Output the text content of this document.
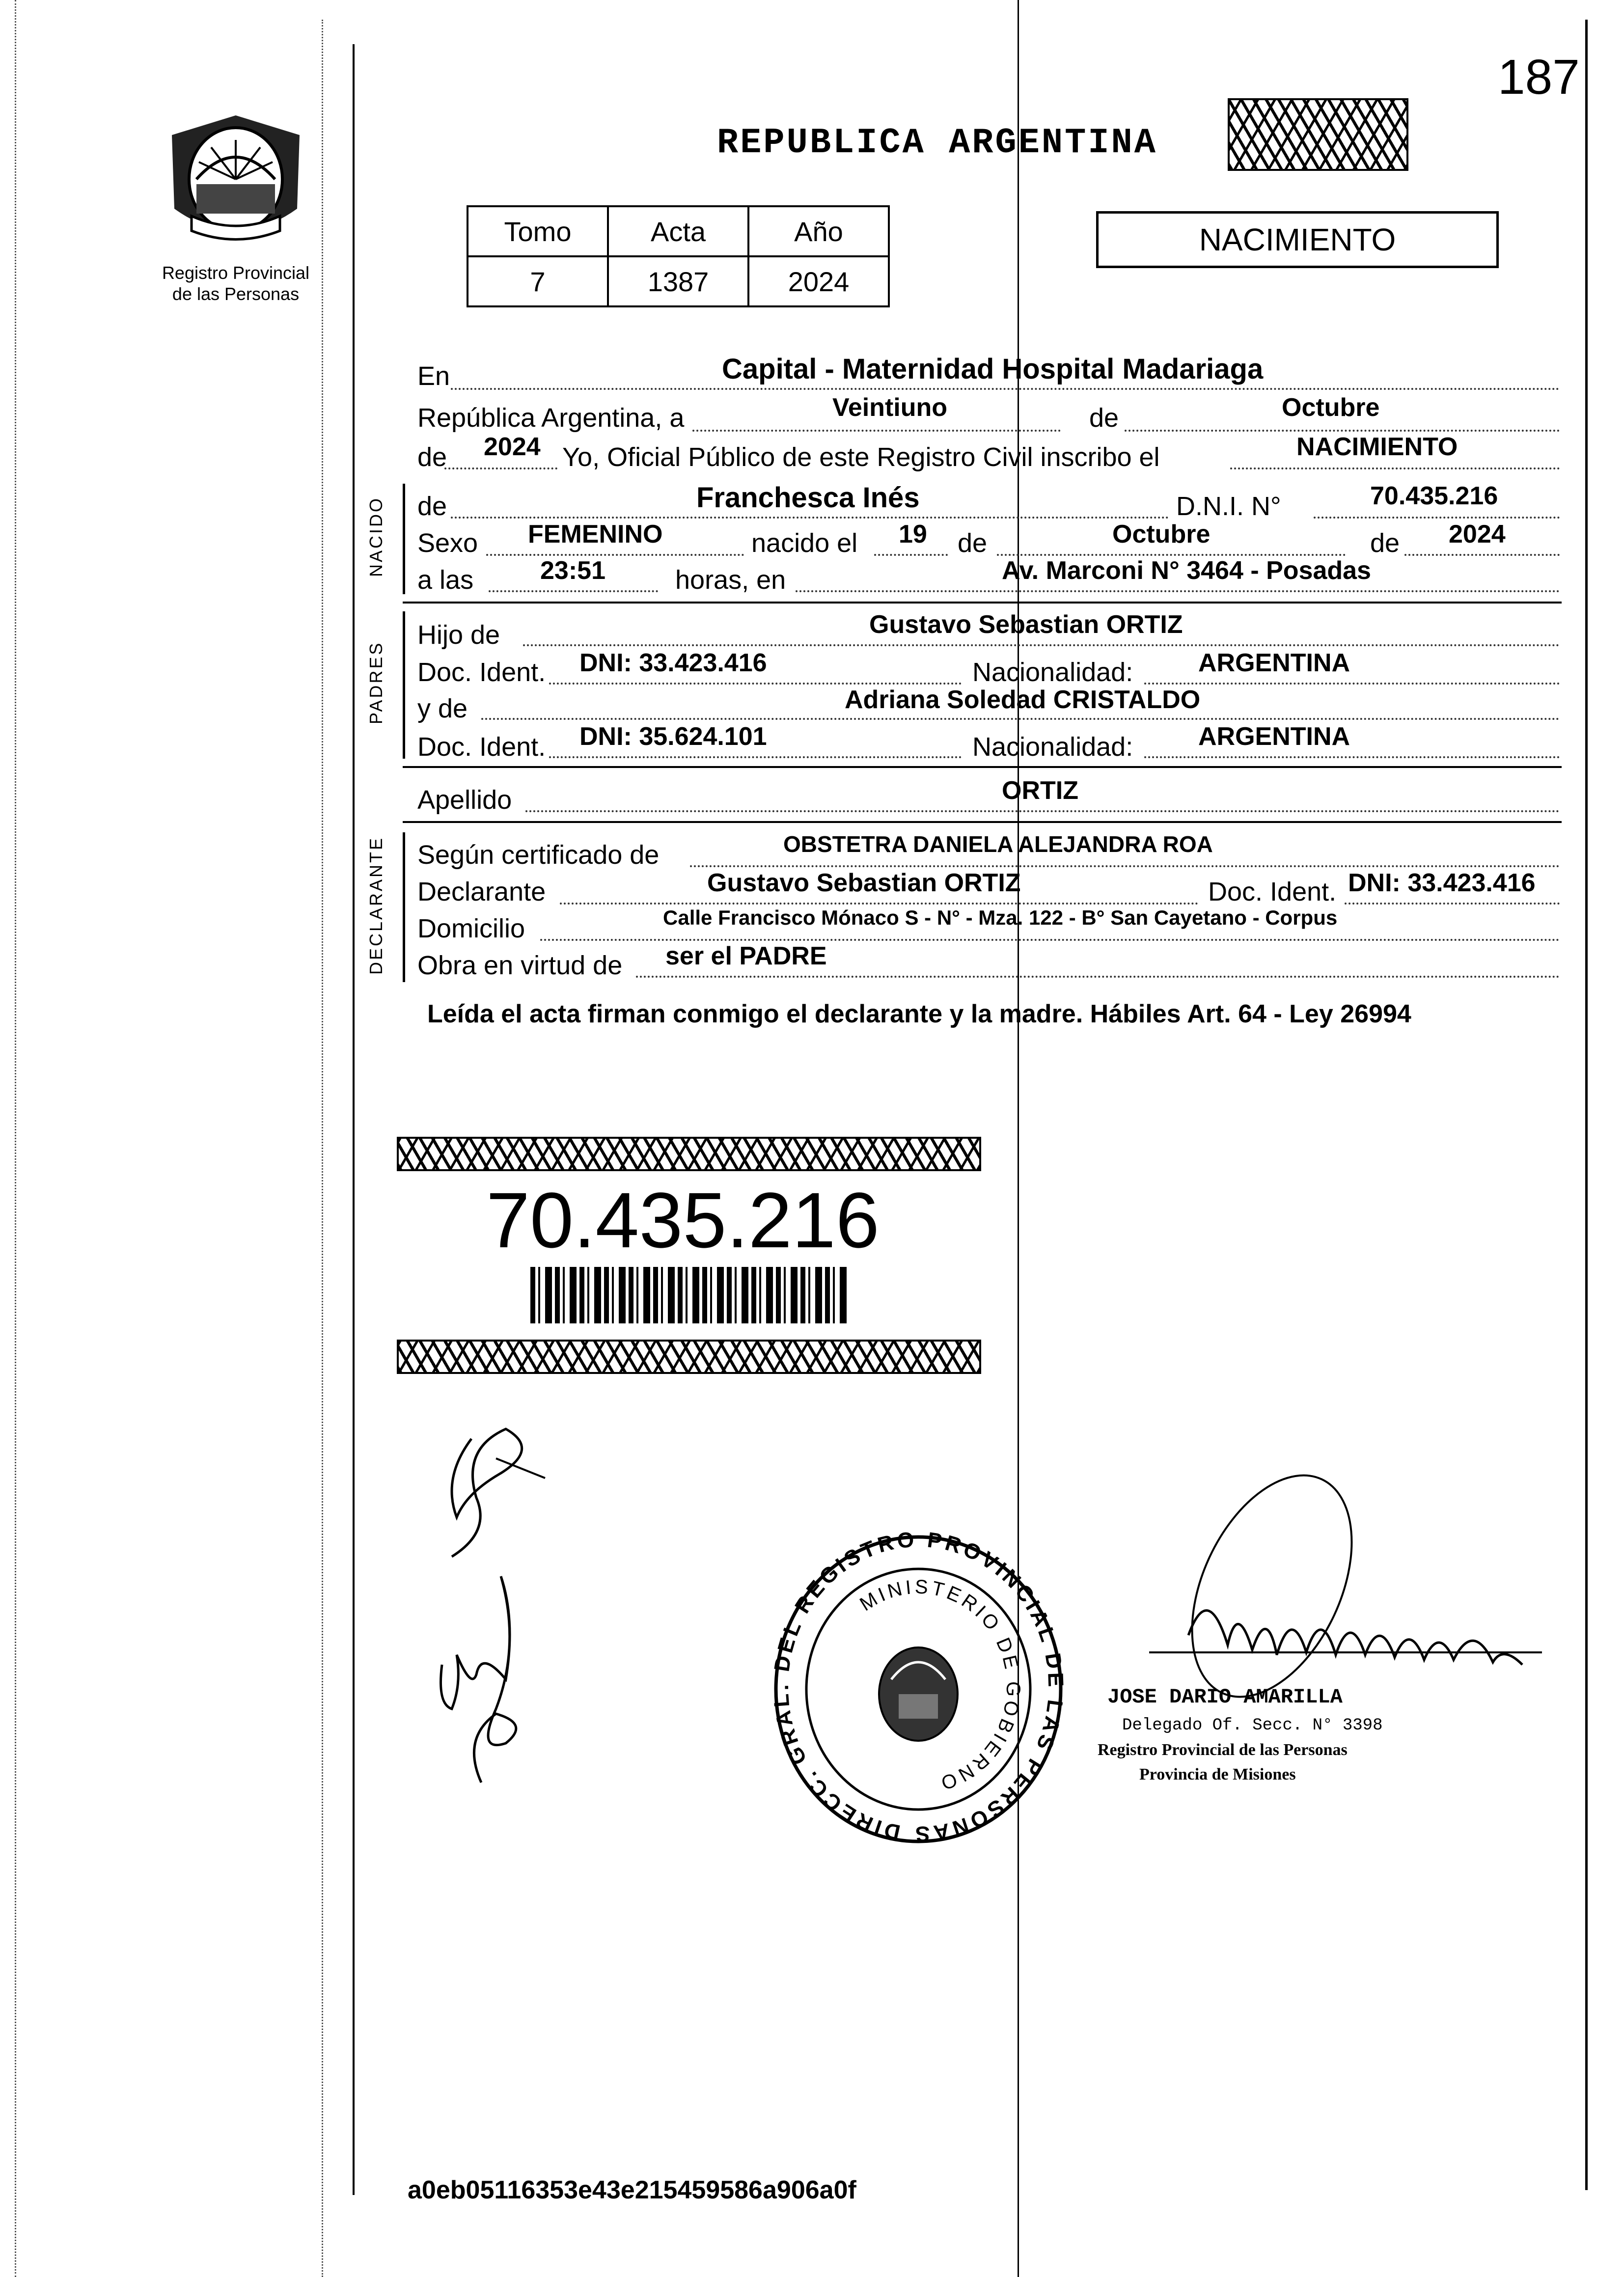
187
Registro Provincial
de las Personas
REPUBLICA ARGENTINA
Tomo	Acta	Año
7	1387	2024
NACIMIENTO
En	Capital - Maternidad Hospital Madariaga
República Argentina, a	Veintiuno	de	Octubre
de 2024 Yo, Oficial Público de este Registro Civil inscribo el	NACIMIENTO
NACIDO de	Franchesca Inés	D.N.I. N°	70.435.216
Sexo FEMENINO	nacido el 19 de	Octubre	de 2024
a las	23:51	horas, en	Av. Marconi N° 3464 - Posadas
PADRES
Hijo de	Gustavo Sebastian ORTIZ
Doc. Ident. DNI: 33.423.416	Nacionalidad:	ARGENTINA
y de	Adriana Soledad CRISTALDO
Doc. Ident. DNI: 35.624.101	Nacionalidad:	ARGENTINA
Apellido	ORTIZ
DECLARANTE Según certificado de	OBSTETRA DANIELA ALEJANDRA ROA
Declarante	Gustavo Sebastian ORTIZ	Doc. Ident. DNI: 33.423.416
Domicilio	Calle Francisco Mónaco S - N° - Mza. 122 - B° San Cayetano - Corpus
Obra en virtud de ser el PADRE
Leída el acta firman conmigo el declarante y la madre. Hábiles Art. 64 - Ley 26994
70.435.216
DIRECC. GRAL. DEL REGISTRO PROVINCIAL DE LAS PERSONAS
MINISTERIO DE GOBIERNO
JOSE DARIO AMARILLA
Delegado Of. Secc. N° 3398
Registro Provincial de las Personas
Provincia de Misiones
a0eb05116353e43e215459586a906a0f
